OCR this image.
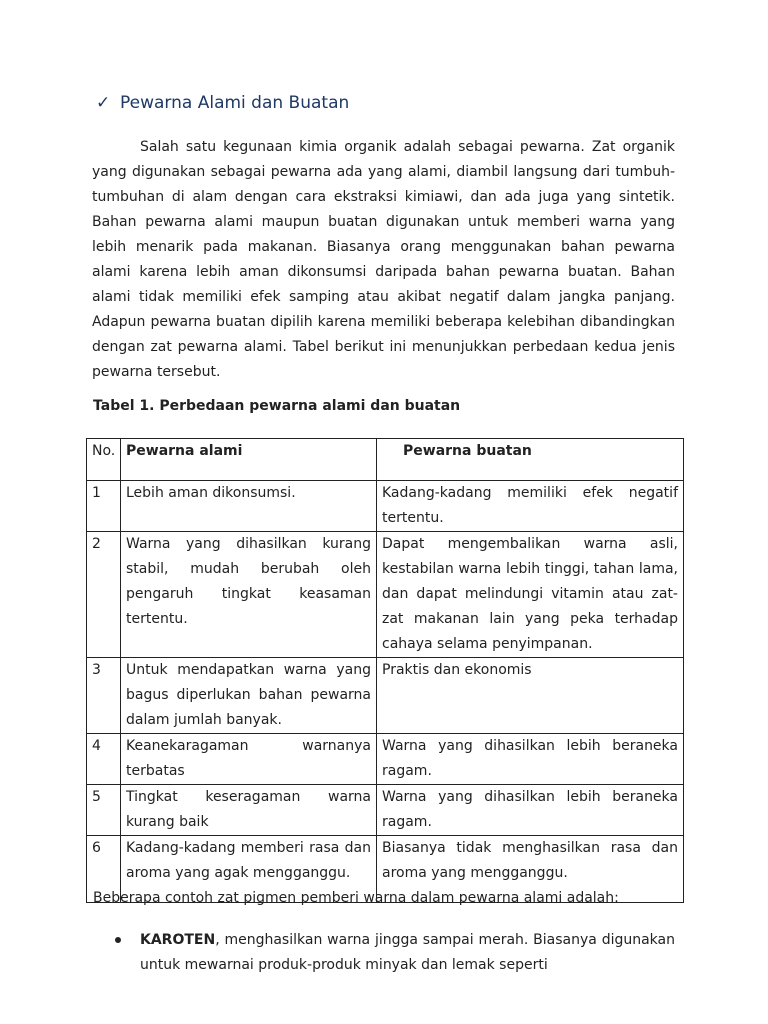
✓ Pewarna Alami dan Buatan

Salah satu kegunaan kimia organik adalah sebagai pewarna. Zat organik yang digunakan sebagai pewarna ada yang alami, diambil langsung dari tumbuh-tumbuhan di alam dengan cara ekstraksi kimiawi, dan ada juga yang sintetik. Bahan pewarna alami maupun buatan digunakan untuk memberi warna yang lebih menarik pada makanan. Biasanya orang menggunakan bahan pewarna alami karena lebih aman dikonsumsi daripada bahan pewarna buatan. Bahan alami tidak memiliki efek samping atau akibat negatif dalam jangka panjang. Adapun pewarna buatan dipilih karena memiliki beberapa kelebihan dibandingkan dengan zat pewarna alami. Tabel berikut ini menunjukkan perbedaan kedua jenis pewarna tersebut.

Tabel 1. Perbedaan pewarna alami dan buatan
No.	Pewarna alami	Pewarna buatan
1	Lebih aman dikonsumsi.	Kadang-kadang memiliki efek negatif tertentu.
2	Warna yang dihasilkan kurang stabil, mudah berubah oleh pengaruh tingkat keasaman tertentu.	Dapat mengembalikan warna asli, kestabilan warna lebih tinggi, tahan lama, dan dapat melindungi vitamin atau zat-zat makanan lain yang peka terhadap cahaya selama penyimpanan.
3	Untuk mendapatkan warna yang bagus diperlukan bahan pewarna dalam jumlah banyak.	Praktis dan ekonomis
4	Keanekaragaman warnanya terbatas	Warna yang dihasilkan lebih beraneka ragam.
5	Tingkat keseragaman warna kurang baik	Warna yang dihasilkan lebih beraneka ragam.
6	Kadang-kadang memberi rasa dan aroma yang agak mengganggu.	Biasanya tidak menghasilkan rasa dan aroma yang mengganggu.
Beberapa contoh zat pigmen pemberi warna dalam pewarna alami adalah:
KAROTEN, menghasilkan warna jingga sampai merah. Biasanya digunakan untuk mewarnai produk-produk minyak dan lemak seperti
